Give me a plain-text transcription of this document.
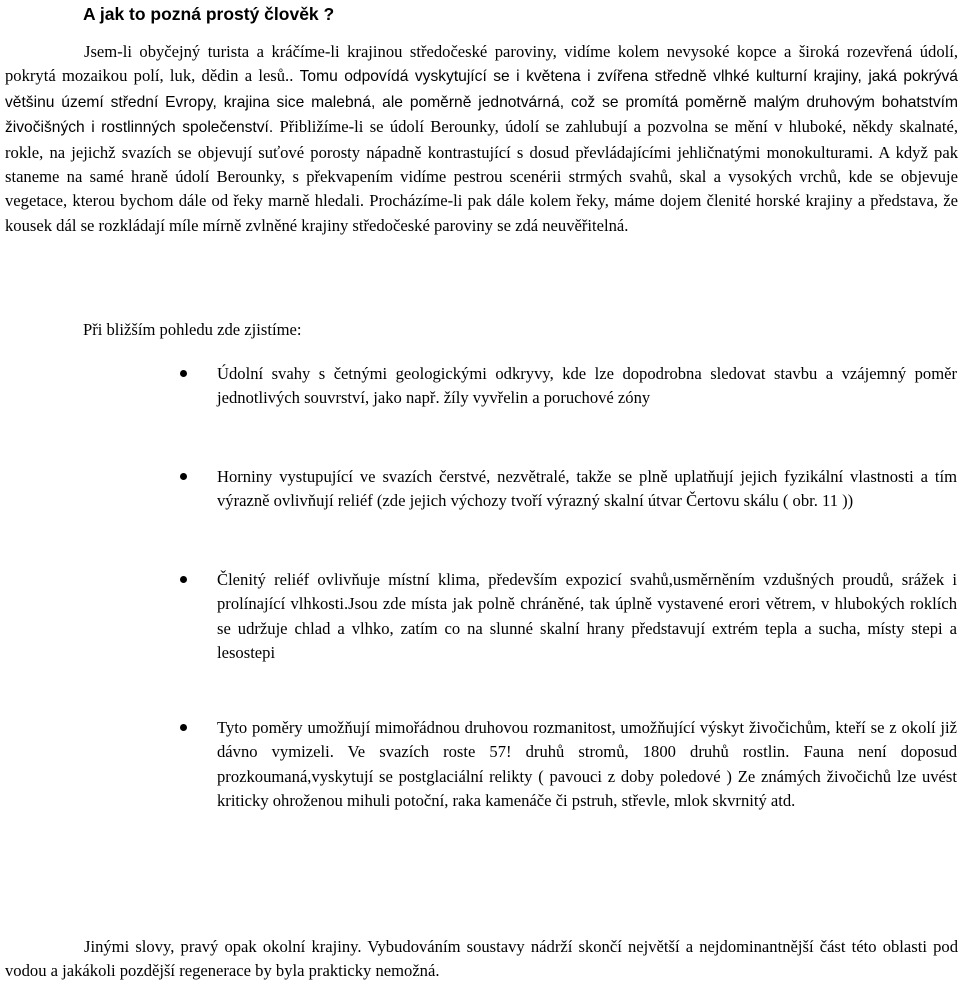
A jak to pozná prostý člověk ?

Jsem-li obyčejný turista a kráčíme-li krajinou středočeské paroviny, vidíme kolem nevysoké kopce a široká rozevřená údolí, pokrytá mozaikou polí, luk, dědin a lesů.. Tomu odpovídá vyskytující se i květena i zvířena středně vlhké kulturní krajiny, jaká pokrývá většinu území střední Evropy, krajina sice malebná, ale poměrně jednotvárná, což se promítá poměrně malým druhovým bohatstvím živočišných i rostlinných společenství. Přibližíme-li se údolí Berounky, údolí se zahlubují a pozvolna se mění v hluboké, někdy skalnaté, rokle, na jejichž svazích se objevují suťové porosty nápadně kontrastující s dosud převládajícími jehličnatými monokulturami. A když pak staneme na samé hraně údolí Berounky, s překvapením vidíme pestrou scenérii strmých svahů, skal a vysokých vrchů, kde se objevuje vegetace, kterou bychom dále od řeky marně hledali. Procházíme-li pak dále kolem řeky, máme dojem členité horské krajiny a představa, že kousek dál se rozkládají míle mírně zvlněné krajiny středočeské paroviny se zdá neuvěřitelná.

Při bližším pohledu zde zjistíme:

Údolní svahy s četnými geologickými odkryvy, kde lze dopodrobna sledovat stavbu a vzájemný poměr jednotlivých souvrství, jako např. žíly vyvřelin a poruchové zóny
Horniny vystupující ve svazích čerstvé, nezvětralé, takže se plně uplatňují jejich fyzikální vlastnosti a tím výrazně ovlivňují reliéf (zde jejich výchozy tvoří výrazný skalní útvar Čertovu skálu ( obr. 11 ))
Členitý reliéf ovlivňuje místní klima, především expozicí svahů,usměrněním vzdušných proudů, srážek i prolínající vlhkosti.Jsou zde místa jak polně chráněné, tak úplně vystavené erori větrem, v hlubokých roklích se udržuje chlad a vlhko, zatím co na slunné skalní hrany představují extrém tepla a sucha, místy stepi a lesostepi
Tyto poměry umožňují mimořádnou druhovou rozmanitost, umožňující výskyt živočichům, kteří se z okolí již dávno vymizeli. Ve svazích roste 57! druhů stromů, 1800 druhů rostlin. Fauna není doposud prozkoumaná,vyskytují se postglaciální relikty ( pavouci z doby poledové ) Ze známých živočichů lze uvést kriticky ohroženou mihuli potoční, raka kamenáče či pstruh, střevle, mlok skvrnitý atd.

Jinými slovy, pravý opak okolní krajiny. Vybudováním soustavy nádrží skončí největší a nejdominantnější část této oblasti pod vodou a jakákoli pozdější regenerace by byla prakticky nemožná.
